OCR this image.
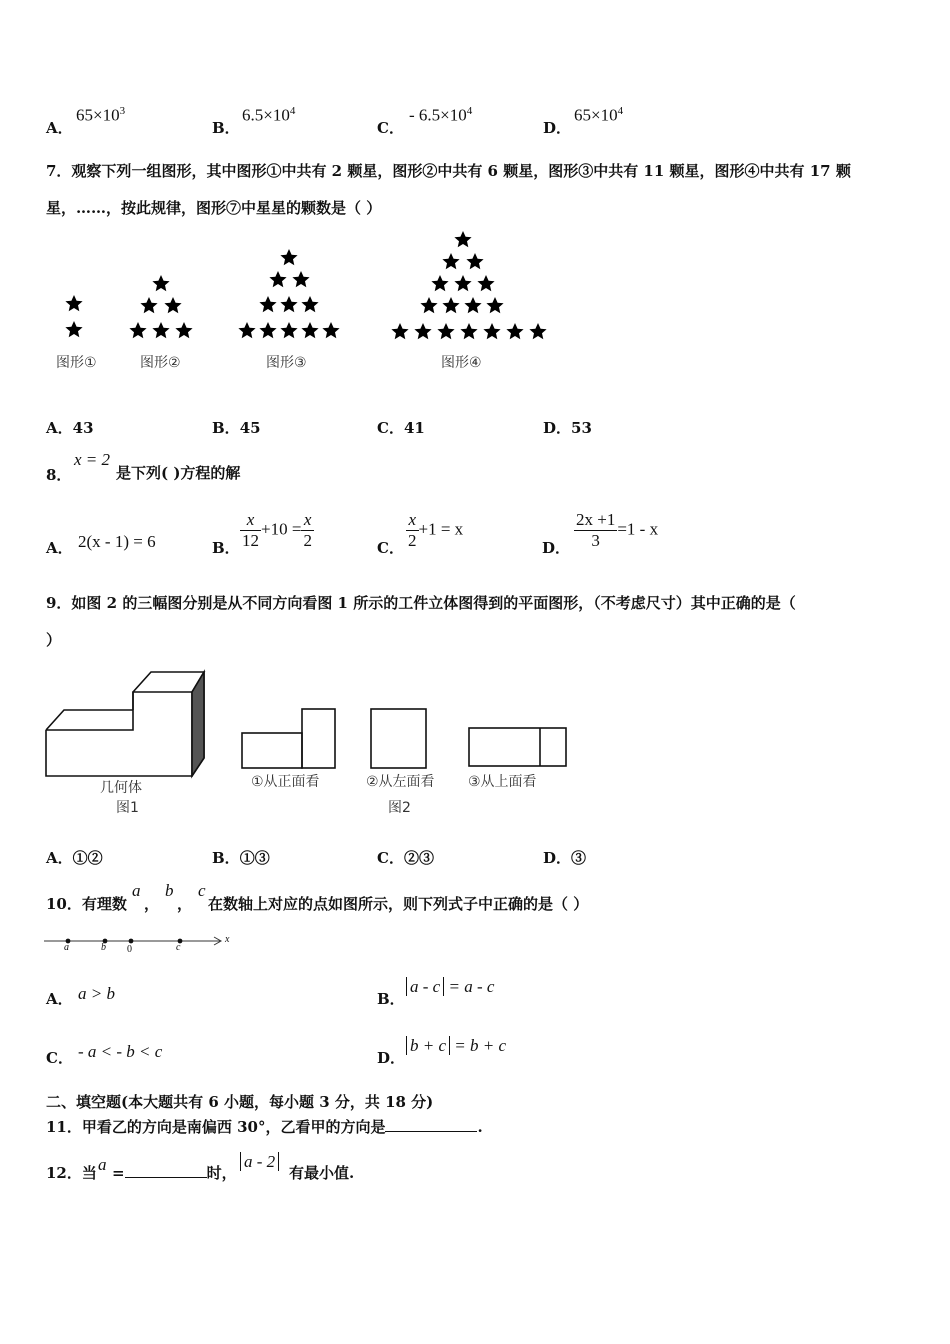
A．
$65\times 10^3$
B．
$6.5\times 10^4$
C．
- $6.5\times 10^4$
D．
$65\times 10^4$
7．观察下列一组图形，其中图形①中共有 2 颗星，图形②中共有 6 颗星，图形③中共有 11 颗星，图形④中共有 17 颗
星，……，按此规律，图形⑦中星星的颗数是（ ）
图形①	图形②	图形③	图形④
A．43	B．45	C．41	D．53
8．
x = 2
是下列( )方程的解
A． 2(x - 1) = 6	B． $\frac{x}{12} +10 = \frac{x}{2}$	C． $\frac{x}{2} +1 = x$
D． $\frac{2x +1}{3} =1 - x$
9．如图 2 的三幅图分别是从不同方向看图 1 所示的工件立体图得到的平面图形，（不考虑尺寸）其中正确的是（
）
几何体
图1
①从正面看	②从左面看 ③从上面看
图2
A．①②	B．①③	C．②③	D．③
10．有理数
a
，
b
，
c
在数轴上对应的点如图所示，则下列式子中正确的是（ ）
a	b 0	c
x
A． a > b	B．
a - c = a - c
C． - a < - b < c	D．
b + c = b + c
二、填空题(本大题共有 6 小题，每小题 3 分，共 18 分)
11．甲看乙的方向是南偏西 30°，乙看甲的方向是	.
12．当 a =	时，
a - 2
有最小值.
